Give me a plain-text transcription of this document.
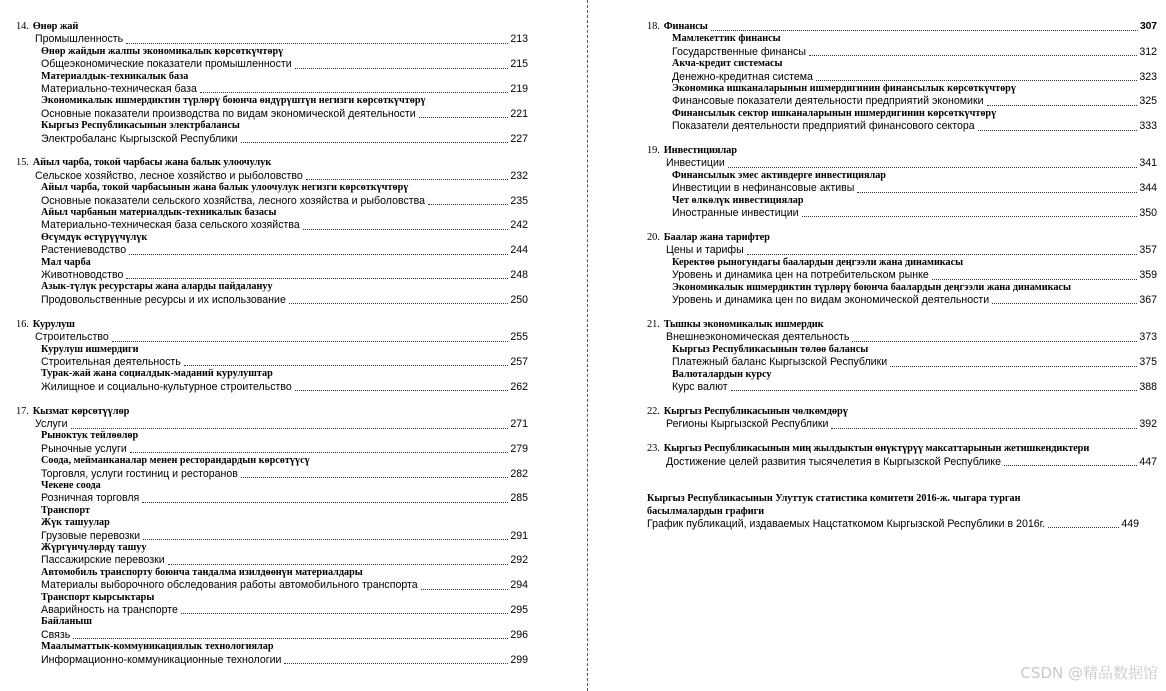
14. Өнөр жай
Промышленность	213
Өнөр жайдын жалпы экономикалык көрсөткүчтөрү
Общеэкономические показатели промышленности	215
Материалдык-техникалык база
Материально-техническая база	219
Экономикалык ишмердиктин түрлөрү боюнча өндүрүштүн негизги көрсөткүчтөрү
Основные показатели производства по видам экономической деятельности	221
Кыргыз Республикасынын электрбалансы
Электробаланс Кыргызской Республики	227
15. Айыл чарба, токой чарбасы жана балык улоочулук
Сельское хозяйство, лесное хозяйство и рыболовство	232
Айыл чарба, токой чарбасынын жана балык улоочулук негизги көрсөткүчтөрү
Основные показатели сельского хозяйства, лесного хозяйства и рыболовства	235
Айыл чарбанын материалдык-техникалык базасы
Материально-техническая база сельского хозяйства	242
Өсүмдүк өстүрүүчүлүк
Растениеводство	244
Мал чарба
Животноводство	248
Азык-түлүк ресурстары жана аларды пайдалануу
Продовольственные ресурсы и их использование	250
16. Курулуш
Строительство	255
Курулуш ишмердиги
Строительная деятельность	257
Турак-жай жана социалдык-маданий курулуштар
Жилищное и социально-культурное строительство	262
17. Кызмат көрсөтүүлөр
Услуги	271
Рыноктук тейлөөлөр
Рыночные услуги	279
Соода, мейманканалар менен ресторандардын көрсөтүүсү
Торговля, услуги гостиниц и ресторанов	282
Чекене соода
Розничная торговля	285
Транспорт
Жүк ташуулар
Грузовые перевозки	291
Жүргүнчүлөрдү ташуу
Пассажирские перевозки	292
Автомобиль транспорту боюнча тандалма изилдөөнүн материалдары
Материалы выборочного обследования работы автомобильного транспорта	294
Транспорт кырсыктары
Аварийность на транспорте	295
Байланыш
Связь	296
Маалыматтык-коммуникациялык технологиялар
Информационно-коммуникационные технологии	299
18. Финансы	307
Мамлекеттик финансы
Государственные финансы	312
Акча-кредит системасы
Денежно-кредитная система	323
Экономика ишканаларынын ишмердигинин финансылык көрсөткүчтөрү
Финансовые показатели деятельности предприятий экономики	325
Финансылык сектор ишканаларынын ишмердигинин көрсөткүчтөрү
Показатели деятельности предприятий финансового сектора	333
19. Инвестициялар
Инвестиции	341
Финансылык эмес активдерге инвестициялар
Инвестиции в нефинансовые активы	344
Чет өлкөлүк инвестициялар
Иностранные инвестиции	350
20. Баалар жана тарифтер
Цены и тарифы	357
Керектөө рыногундагы баалардын деңгээли жана динамикасы
Уровень и динамика цен на потребительском рынке	359
Экономикалык ишмердиктин түрлөрү боюнча баалардын деңгээли жана динамикасы
Уровень и динамика цен по видам экономической деятельности	367
21. Тышкы экономикалык ишмердик
Внешнеэкономическая деятельность	373
Кыргыз Республикасынын төлөө балансы
Платежный баланс Кыргызской Республики	375
Валюталардын курсу
Курс валют	388
22. Кыргыз Республикасынын чөлкөмдөрү
Регионы Кыргызской Республики	392
23. Кыргыз Республикасынын миң жылдыктын өнүктүрүү максаттарынын жетишкендиктери
Достижение целей развития тысячелетия в Кыргызской Республике	447
Кыргыз Республикасынын Улуттук статистика комитети 2016-ж. чыгара турган
басылмалардын графиги
График публикаций, издаваемых Нацстаткомом Кыргызской Республики в 2016г.	449
CSDN @精品数据馆
